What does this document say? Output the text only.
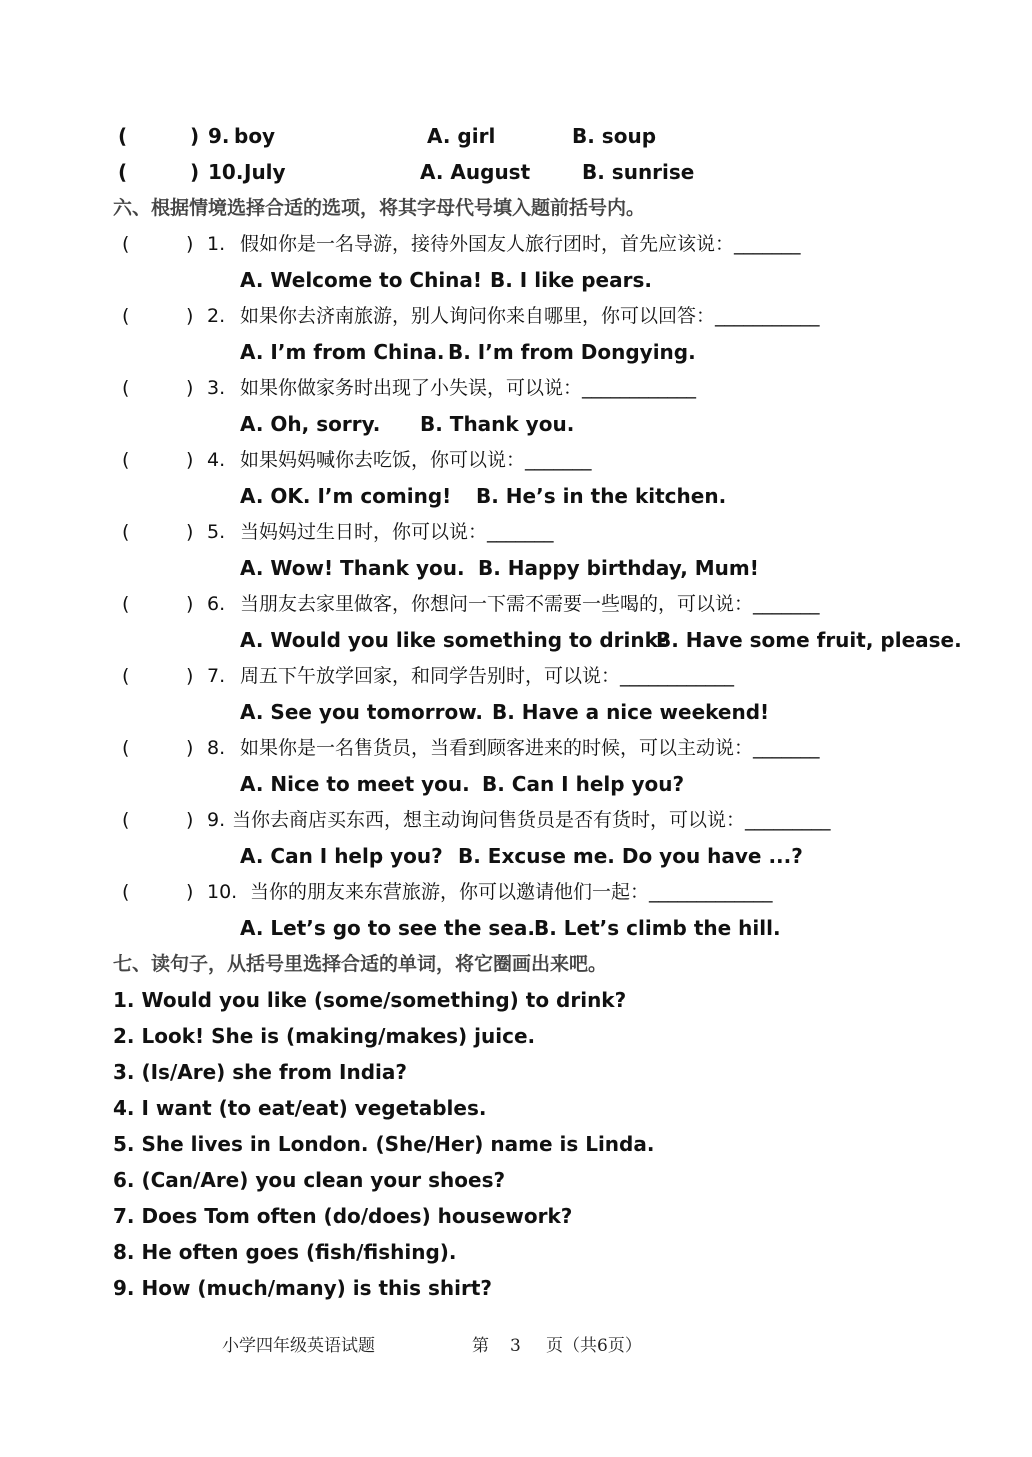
(	) 9. boy	A. girl	B. soup
(	) 10. July	A. August	B. sunrise
六、根据情境选择合适的选项，将其字母代号填入题前括号内。
(	) 1. 假如你是一名导游，接待外国友人旅行团时，首先应该说：_______
A. Welcome to China! B. I like pears.
(	) 2. 如果你去济南旅游，别人询问你来自哪里，你可以回答：___________
A. I’m from China. B. I’m from Dongying.
(	) 3. 如果你做家务时出现了小失误，可以说：____________
A. Oh, sorry. B. Thank you.
(	) 4. 如果妈妈喊你去吃饭，你可以说：_______
A. OK. I’m coming! B. He’s in the kitchen.
(	) 5. 当妈妈过生日时，你可以说：_______
A. Wow! Thank you. B. Happy birthday, Mum!
(	) 6. 当朋友去家里做客，你想问一下需不需要一些喝的，可以说：_______
A. Would you like something to drink?
B. Have some fruit, please.
(	) 7. 周五下午放学回家，和同学告别时，可以说：____________
A. See you tomorrow. B. Have a nice weekend!
(	) 8. 如果你是一名售货员，当看到顾客进来的时候，可以主动说：_______
A. Nice to meet you. B. Can I help you?
(	) 9. 当你去商店买东西，想主动询问售货员是否有货时，可以说：_________
A. Can I help you? B. Excuse me. Do you have ...?
(	) 10. 当你的朋友来东营旅游，你可以邀请他们一起：_____________
A. Let’s go to see the sea. B. Let’s climb the hill.
七、读句子，从括号里选择合适的单词，将它圈画出来吧。
1. Would you like (some/something) to drink?
2. Look! She is (making/makes) juice.
3. (Is/Are) she from India?
4. I want (to eat/eat) vegetables.
5. She lives in London. (She/Her) name is Linda.
6. (Can/Are) you clean your shoes?
7. Does Tom often (do/does) housework?
8. He often goes (fish/fishing).
9. How (much/many) is this shirt?
小学四年级英语试题	第 3 页（共6页）
